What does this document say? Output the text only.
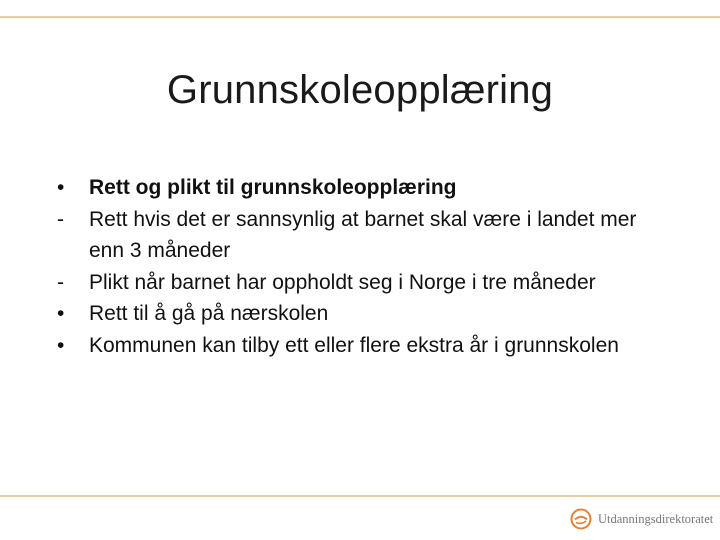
Grunnskoleopplæring
•	Rett og plikt til grunnskoleopplæring
-	Rett hvis det er sannsynlig at barnet skal være i landet mer enn 3 måneder
-	Plikt når barnet har oppholdt seg i Norge i tre måneder
•	Rett til å gå på nærskolen
•	Kommunen kan tilby ett eller flere ekstra år i grunnskolen
Utdanningsdirektoratet
